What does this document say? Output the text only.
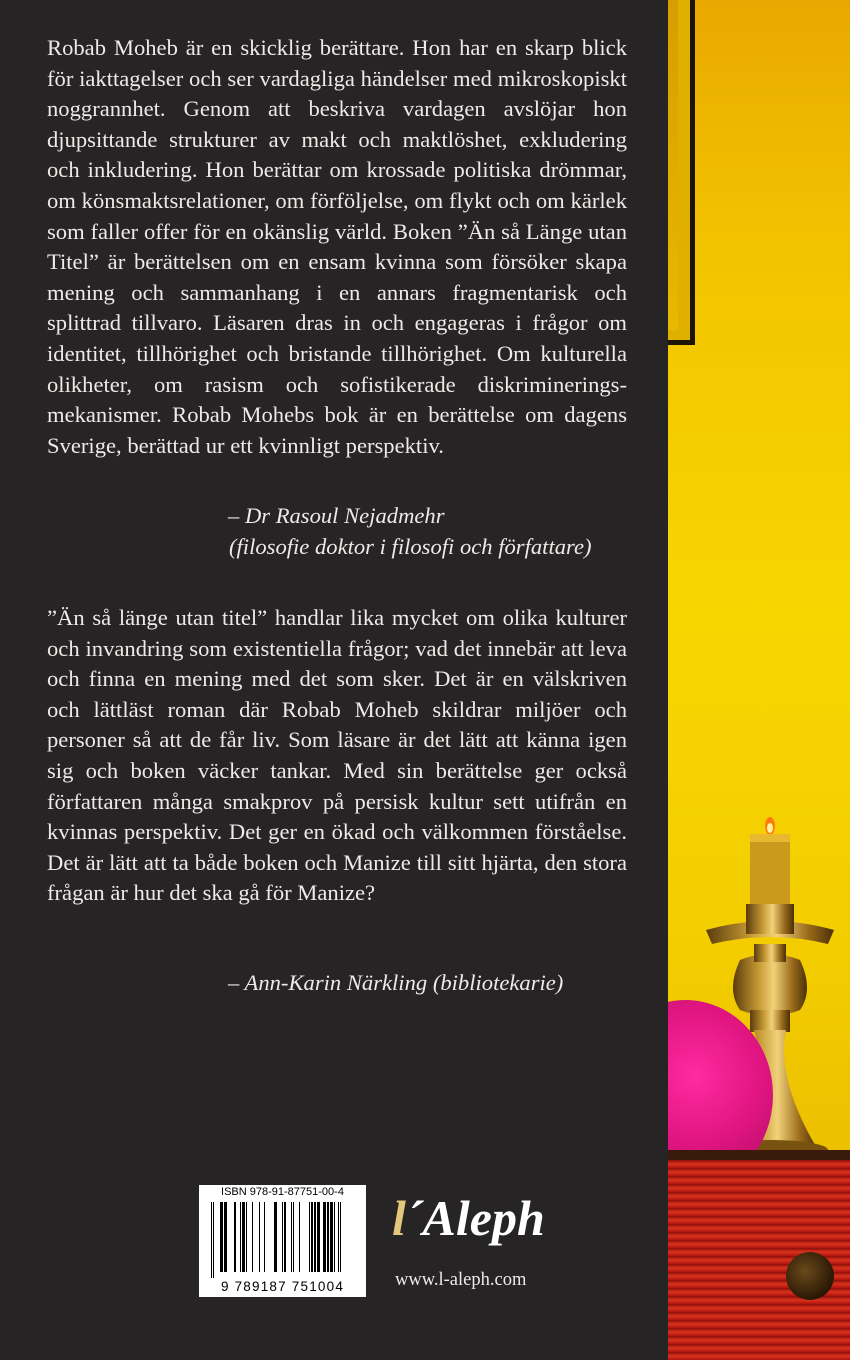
Robab Moheb är en skicklig berättare. Hon har en skarp blick för iakttagelser och ser vardagliga händelser med mikroskopiskt noggrannhet. Genom att beskriva vardagen avslöjar hon djupsittande strukturer av makt och maktlöshet, exkludering och inkludering. Hon berättar om krossade politiska drömmar, om könsmaktsrelationer, om förföljelse, om flykt och om kärlek som faller offer för en okänslig värld. Boken ”Än så Länge utan Titel” är berättelsen om en ensam kvinna som försöker skapa mening och sammanhang i en annars fragmentarisk och splittrad tillvaro. Läsaren dras in och engageras i frågor om identitet, tillhörighet och bristande tillhörighet. Om kulturella olikheter, om rasism och sofistikerade diskrimineringsmekanismer. Robab Mohebs bok är en berättelse om dagens Sverige, berättad ur ett kvinnligt perspektiv.

– Dr Rasoul Nejadmehr

(filosofie doktor i filosofi och författare)

”Än så länge utan titel” handlar lika mycket om olika kulturer och invandring som existentiella frågor; vad det innebär att leva och finna en mening med det som sker. Det är en välskriven och lättläst roman där Robab Moheb skildrar miljöer och personer så att de får liv. Som läsare är det lätt att känna igen sig och boken väcker tankar. Med sin berättelse ger också författaren många smakprov på persisk kultur sett utifrån en kvinnas perspektiv. Det ger en ökad och välkommen förståelse. Det är lätt att ta både boken och Manize till sitt hjärta, den stora frågan är hur det ska gå för Manize?

– Ann-Karin Närkling (bibliotekarie)

ISBN 978-91-87751-00-4
9 789187 751004

l´Aleph

www.l-aleph.com
